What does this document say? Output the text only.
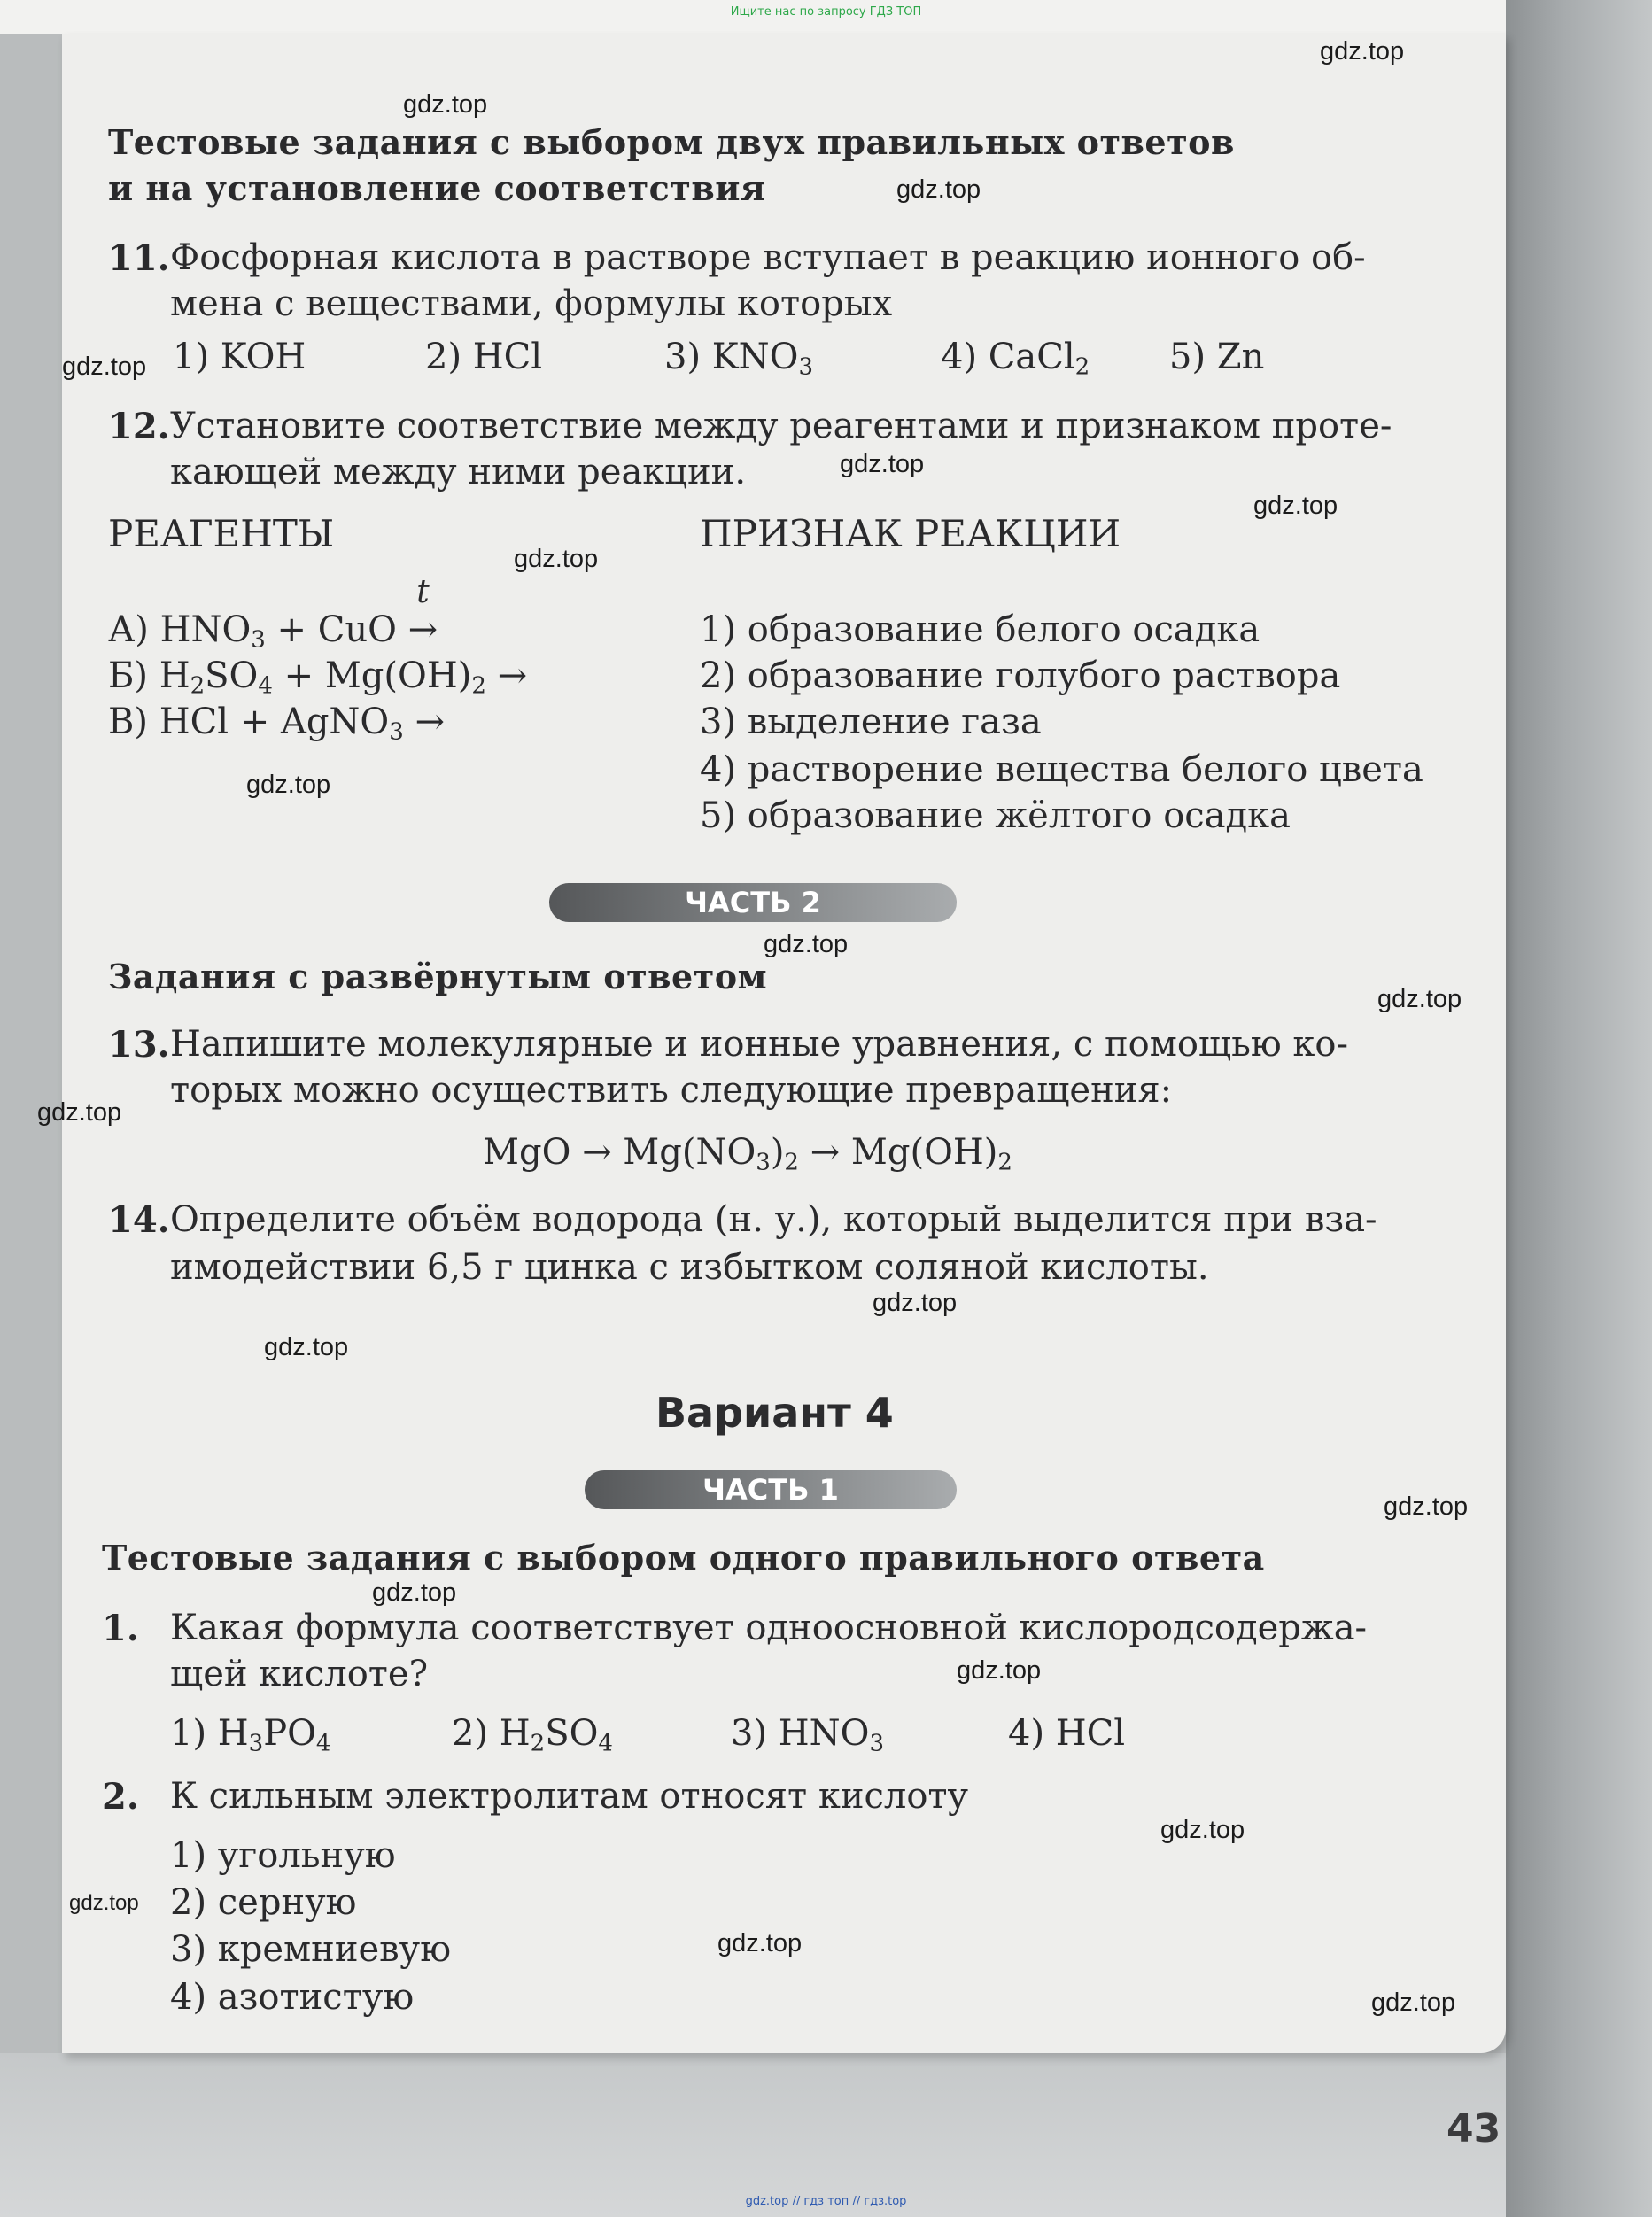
Ищите нас по запросу ГДЗ ТОП
Тестовые задания с выбором двух правильных ответов
и на установление соответствия
11. Фосфорная кислота в растворе вступает в реакцию ионного об-
мена с веществами, формулы которых
1) KOH	2) HCl	3) $KNO_3$	4) CaCl$_2$ 5) Zn
12. Установите соответствие между реагентами и признаком проте-
кающей между ними реакции.
РЕАГЕНТЫ	ПРИЗНАК РЕАКЦИИ
А) $HNO_3$ + CuO
t
→
Б) $H_2SO_4 + Mg(OH)_2$ →
В) HCl + AgNO$_3$ →
1) образование белого осадка
2) образование голубого раствора
3) выделение газа
4) растворение вещества белого цвета
5) образование жёлтого осадка
ЧАСТЬ 2
Задания с развёрнутым ответом
13. Напишите молекулярные и ионные уравнения, с помощью ко-
торых можно осуществить следующие превращения:
MgO → $Mg(NO_3)_2 \to Mg(OH)_2$
14. Определите объём водорода (н. у.), который выделится при вза-
имодействии 6,5 г цинка с избытком соляной кислоты.
Вариант 4
ЧАСТЬ 1
Тестовые задания с выбором одного правильного ответа
1. Какая формула соответствует одноосновной кислородсодержа-
щей кислоте?
1) $H_3PO_4$	2) $H_2SO_4$	3) $HNO_3$	4) HCl
2. К сильным электролитам относят кислоту
1) угольную
2) серную
3) кремниевую
4) азотистую
gdz.top
gdz.top
gdz.top
gdz.top
gdz.top
gdz.top
gdz.top
gdz.top
gdz.top
gdz.top
gdz.top
gdz.top
gdz.top
gdz.top
gdz.top
gdz.top
gdz.top
gdz.top
gdz.top
gdz.top
43
gdz.top // гдз топ // гдз.top
